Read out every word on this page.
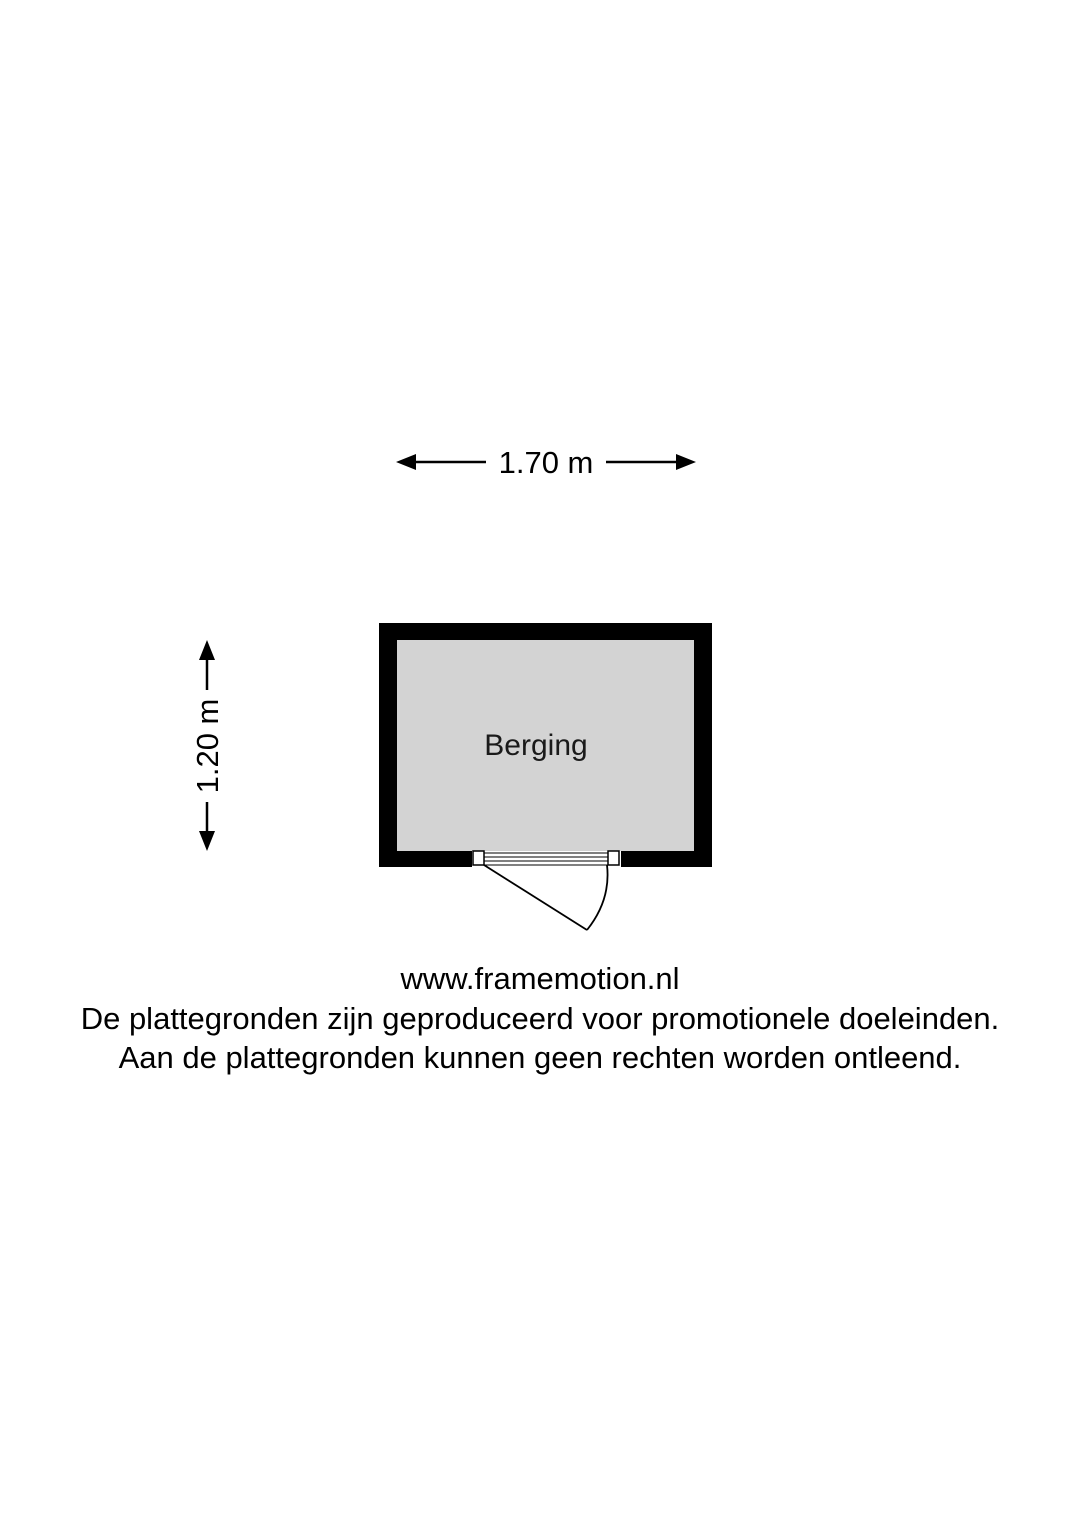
1.70 m
1.20 m	Berging
www.framemotion.nl
De plattegronden zijn geproduceerd voor promotionele doeleinden.
Aan de plattegronden kunnen geen rechten worden ontleend.
